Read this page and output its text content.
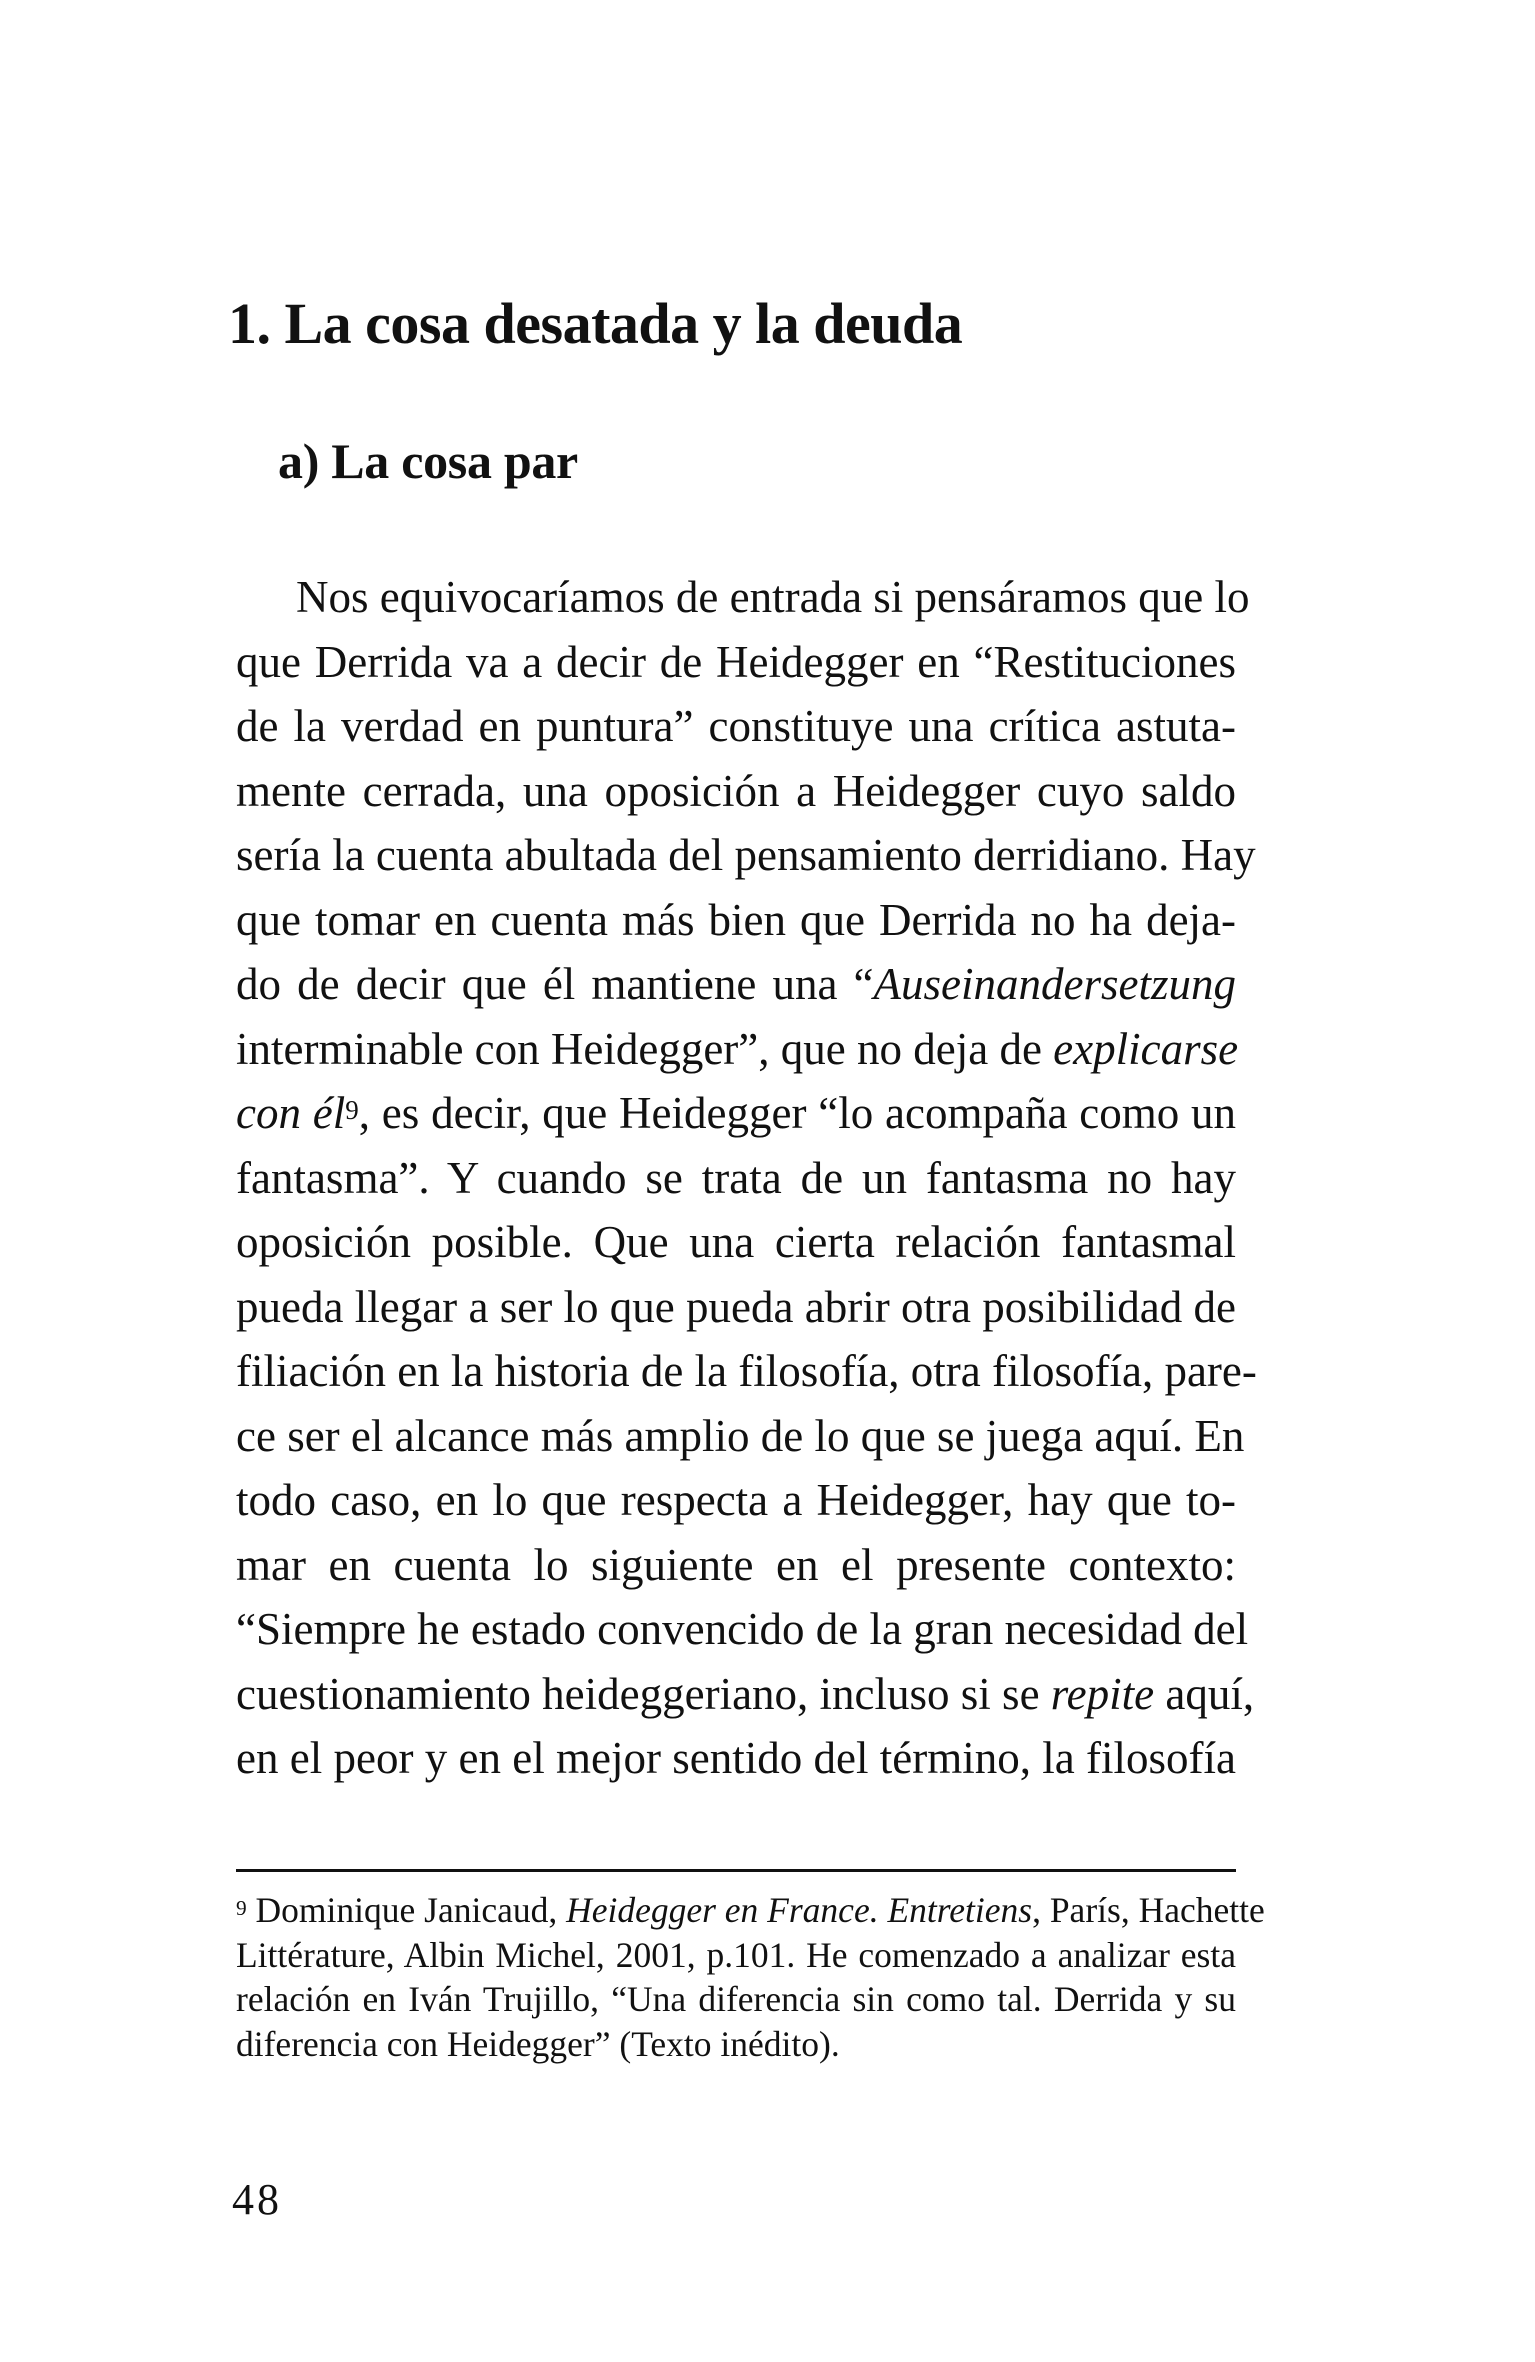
1. La cosa desatada y la deuda
a) La cosa par
Nos equivocaríamos de entrada si pensáramos que lo
que Derrida va a decir de Heidegger en “Restituciones
de la verdad en puntura” constituye una crítica astuta-
mente cerrada, una oposición a Heidegger cuyo saldo
sería la cuenta abultada del pensamiento derridiano. Hay
que tomar en cuenta más bien que Derrida no ha deja-
do de decir que él mantiene una “Auseinandersetzung
interminable con Heidegger”, que no deja de explicarse
con $él^9$, es decir, que Heidegger “lo acompaña como un
fantasma”. Y cuando se trata de un fantasma no hay
oposición posible. Que una cierta relación fantasmal
pueda llegar a ser lo que pueda abrir otra posibilidad de
filiación en la historia de la filosofía, otra filosofía, pare-
ce ser el alcance más amplio de lo que se juega aquí. En
todo caso, en lo que respecta a Heidegger, hay que to-
mar en cuenta lo siguiente en el presente contexto:
“Siempre he estado convencido de la gran necesidad del
cuestionamiento heideggeriano, incluso si se repite aquí,
en el peor y en el mejor sentido del término, la filosofía
$^9$ Dominique Janicaud, Heidegger en France. Entretiens, París, Hachette
Littérature, Albin Michel, 2001, p.101. He comenzado a analizar esta
relación en Iván Trujillo, “Una diferencia sin como tal. Derrida y su
diferencia con Heidegger” (Texto inédito).
48
